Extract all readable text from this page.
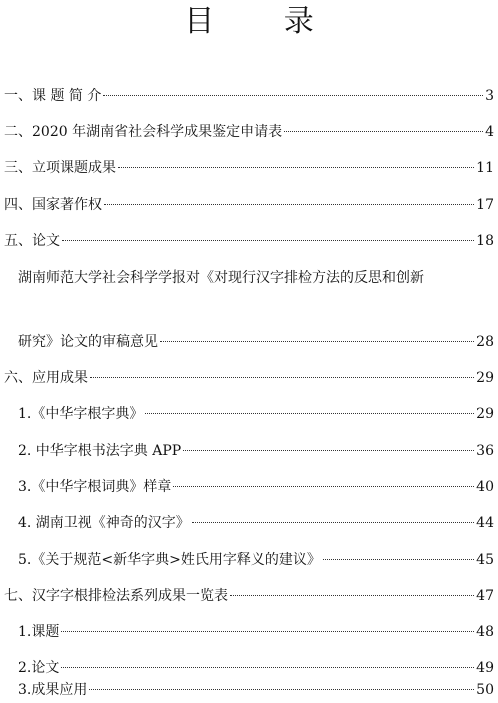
目 录
一、课 题 简 介	3
二、2020 年湖南省社会科学成果鉴定申请表	4
三、立项课题成果	11
四、国家著作权	17
五、论文	18
湖南师范大学社会科学学报对《对现行汉字排检方法的反思和创新
研究》论文的审稿意见	28
六、应用成果	29
1.《中华字根字典》	29
2. 中华字根书法字典 APP	36
3.《中华字根词典》样章	40
4. 湖南卫视《神奇的汉字》	44
5.《关于规范<新华字典>姓氏用字释义的建议》	45
七、汉字字根排检法系列成果一览表	47
1.课题	48
2.论文	49
3.成果应用	50
